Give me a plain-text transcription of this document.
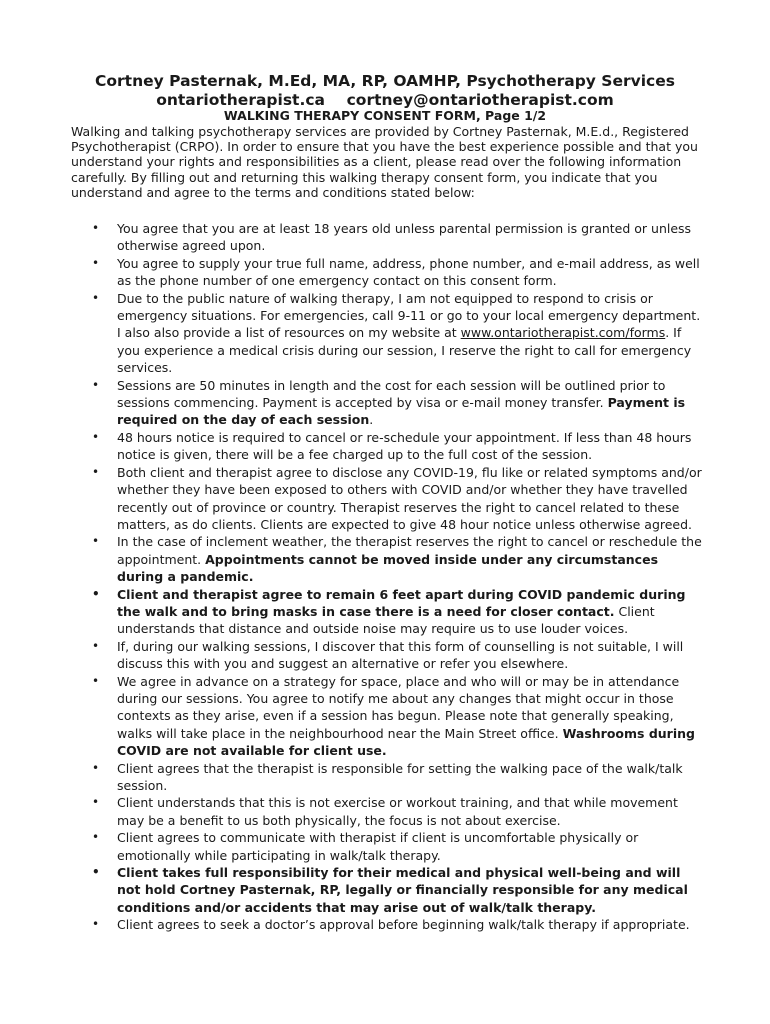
Cortney Pasternak, M.Ed, MA, RP, OAMHP, Psychotherapy Services
ontariotherapist.ca cortney@ontariotherapist.com
WALKING THERAPY CONSENT FORM, Page 1/2
Walking and talking psychotherapy services are provided by Cortney Pasternak, M.E.d., Registered Psychotherapist (CRPO). In order to ensure that you have the best experience possible and that you understand your rights and responsibilities as a client, please read over the following information carefully. By filling out and returning this walking therapy consent form, you indicate that you understand and agree to the terms and conditions stated below:
• You agree that you are at least 18 years old unless parental permission is granted or unless otherwise agreed upon.
• You agree to supply your true full name, address, phone number, and e-mail address, as well as the phone number of one emergency contact on this consent form.
• Due to the public nature of walking therapy, I am not equipped to respond to crisis or emergency situations. For emergencies, call 9-11 or go to your local emergency department. I also also provide a list of resources on my website at www.ontariotherapist.com/forms. If you experience a medical crisis during our session, I reserve the right to call for emergency services.
• Sessions are 50 minutes in length and the cost for each session will be outlined prior to sessions commencing. Payment is accepted by visa or e-mail money transfer. Payment is required on the day of each session.
• 48 hours notice is required to cancel or re-schedule your appointment. If less than 48 hours notice is given, there will be a fee charged up to the full cost of the session.
• Both client and therapist agree to disclose any COVID-19, flu like or related symptoms and/or whether they have been exposed to others with COVID and/or whether they have travelled recently out of province or country. Therapist reserves the right to cancel related to these matters, as do clients. Clients are expected to give 48 hour notice unless otherwise agreed.
• In the case of inclement weather, the therapist reserves the right to cancel or reschedule the appointment. Appointments cannot be moved inside under any circumstances during a pandemic.
• Client and therapist agree to remain 6 feet apart during COVID pandemic during the walk and to bring masks in case there is a need for closer contact. Client understands that distance and outside noise may require us to use louder voices.
• If, during our walking sessions, I discover that this form of counselling is not suitable, I will discuss this with you and suggest an alternative or refer you elsewhere.
• We agree in advance on a strategy for space, place and who will or may be in attendance during our sessions. You agree to notify me about any changes that might occur in those contexts as they arise, even if a session has begun. Please note that generally speaking, walks will take place in the neighbourhood near the Main Street office. Washrooms during COVID are not available for client use.
• Client agrees that the therapist is responsible for setting the walking pace of the walk/talk session.
• Client understands that this is not exercise or workout training, and that while movement may be a benefit to us both physically, the focus is not about exercise.
• Client agrees to communicate with therapist if client is uncomfortable physically or emotionally while participating in walk/talk therapy.
• Client takes full responsibility for their medical and physical well-being and will not hold Cortney Pasternak, RP, legally or financially responsible for any medical conditions and/or accidents that may arise out of walk/talk therapy.
• Client agrees to seek a doctor’s approval before beginning walk/talk therapy if appropriate.
